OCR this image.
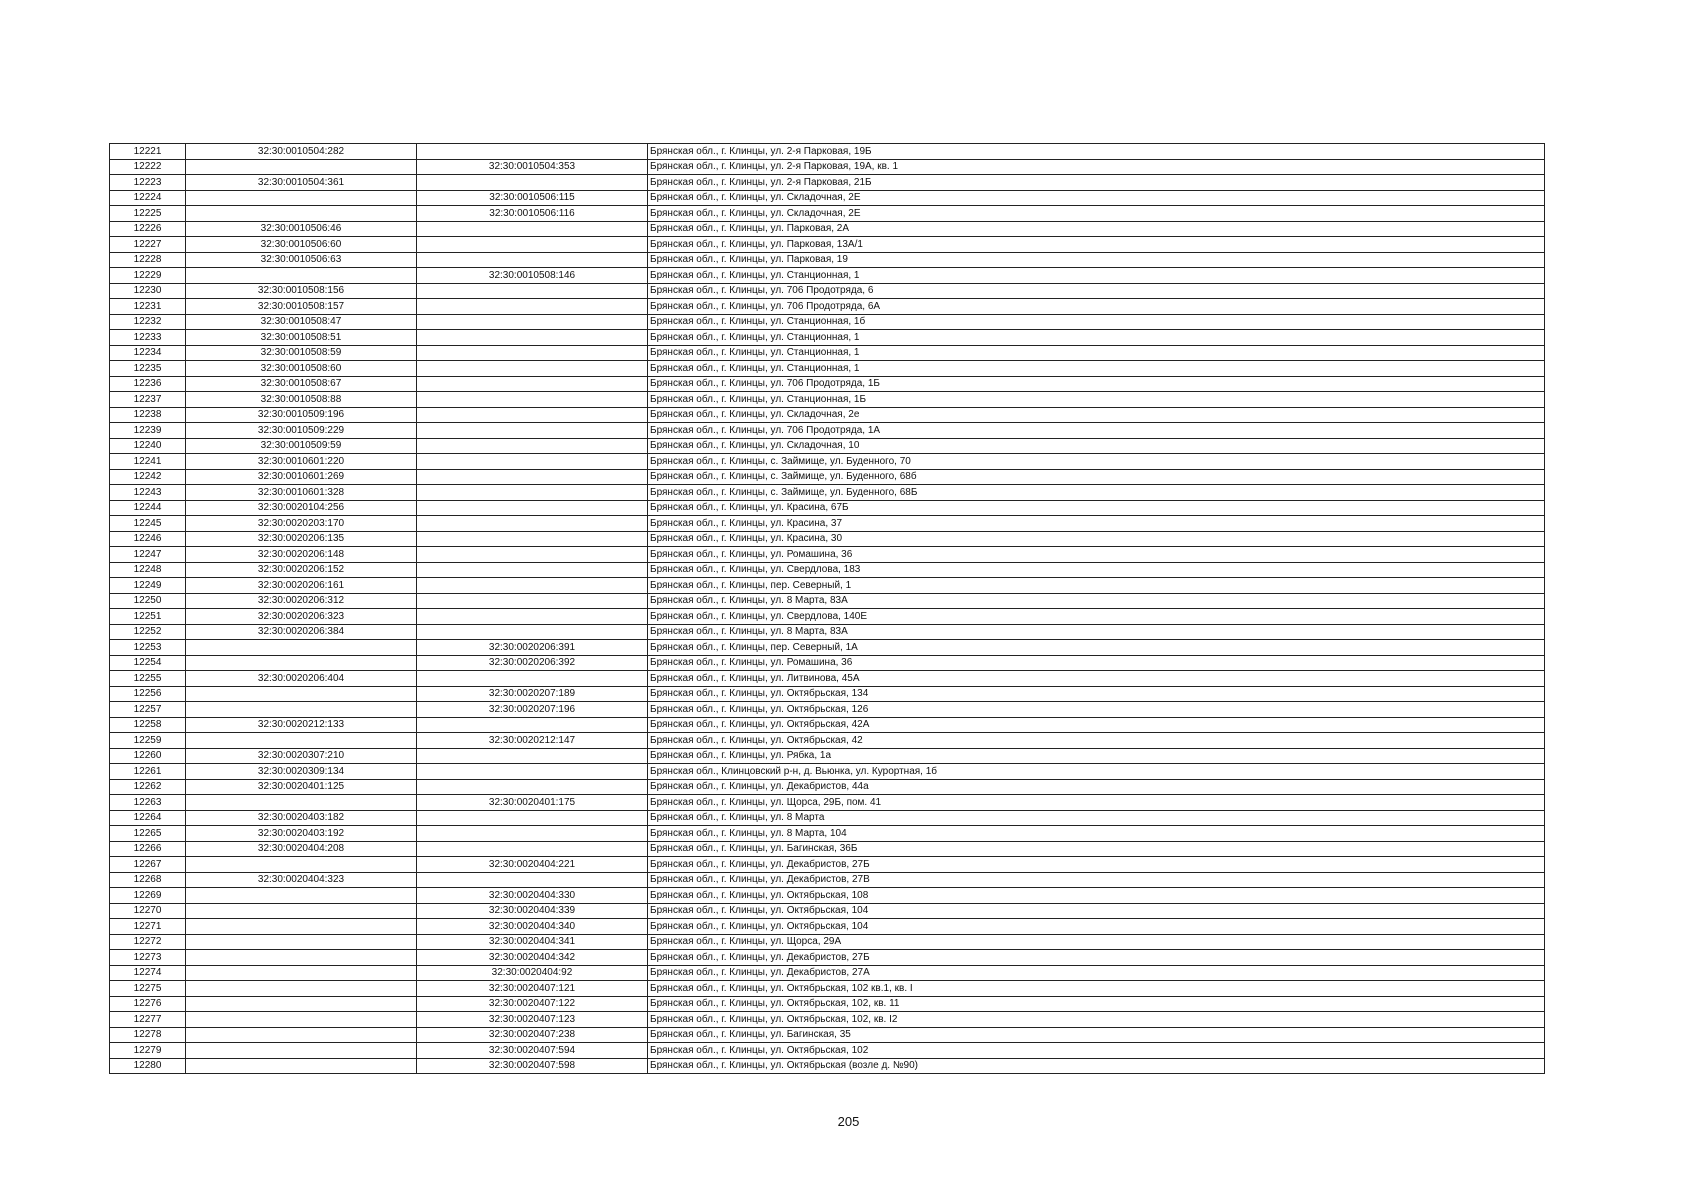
12221	32:30:0010504:282		Брянская обл., г. Клинцы, ул. 2-я Парковая, 19Б
12222		32:30:0010504:353	Брянская обл., г. Клинцы, ул. 2-я Парковая, 19А, кв. 1
12223	32:30:0010504:361		Брянская обл., г. Клинцы, ул. 2-я Парковая, 21Б
12224		32:30:0010506:115	Брянская обл., г. Клинцы, ул. Складочная, 2Е
12225		32:30:0010506:116	Брянская обл., г. Клинцы, ул. Складочная, 2Е
12226	32:30:0010506:46		Брянская обл., г. Клинцы, ул. Парковая, 2А
12227	32:30:0010506:60		Брянская обл., г. Клинцы, ул. Парковая, 13А/1
12228	32:30:0010506:63		Брянская обл., г. Клинцы, ул. Парковая, 19
12229		32:30:0010508:146	Брянская обл., г. Клинцы, ул. Станционная, 1
12230	32:30:0010508:156		Брянская обл., г. Клинцы, ул. 706 Продотряда, 6
12231	32:30:0010508:157		Брянская обл., г. Клинцы, ул. 706 Продотряда, 6А
12232	32:30:0010508:47		Брянская обл., г. Клинцы, ул. Станционная, 1б
12233	32:30:0010508:51		Брянская обл., г. Клинцы, ул. Станционная, 1
12234	32:30:0010508:59		Брянская обл., г. Клинцы, ул. Станционная, 1
12235	32:30:0010508:60		Брянская обл., г. Клинцы, ул. Станционная, 1
12236	32:30:0010508:67		Брянская обл., г. Клинцы, ул. 706 Продотряда, 1Б
12237	32:30:0010508:88		Брянская обл., г. Клинцы, ул. Станционная, 1Б
12238	32:30:0010509:196		Брянская обл., г. Клинцы, ул. Складочная, 2е
12239	32:30:0010509:229		Брянская обл., г. Клинцы, ул. 706 Продотряда, 1А
12240	32:30:0010509:59		Брянская обл., г. Клинцы, ул. Складочная, 10
12241	32:30:0010601:220		Брянская обл., г. Клинцы, с. Займище, ул. Буденного, 70
12242	32:30:0010601:269		Брянская обл., г. Клинцы, с. Займище, ул. Буденного, 68б
12243	32:30:0010601:328		Брянская обл., г. Клинцы, с. Займище, ул. Буденного, 68Б
12244	32:30:0020104:256		Брянская обл., г. Клинцы, ул. Красина, 67Б
12245	32:30:0020203:170		Брянская обл., г. Клинцы, ул. Красина, 37
12246	32:30:0020206:135		Брянская обл., г. Клинцы, ул. Красина, 30
12247	32:30:0020206:148		Брянская обл., г. Клинцы, ул. Ромашина, 36
12248	32:30:0020206:152		Брянская обл., г. Клинцы, ул. Свердлова, 183
12249	32:30:0020206:161		Брянская обл., г. Клинцы, пер. Северный, 1
12250	32:30:0020206:312		Брянская обл., г. Клинцы, ул. 8 Марта, 83А
12251	32:30:0020206:323		Брянская обл., г. Клинцы, ул. Свердлова, 140Е
12252	32:30:0020206:384		Брянская обл., г. Клинцы, ул. 8 Марта, 83А
12253		32:30:0020206:391	Брянская обл., г. Клинцы, пер. Северный, 1А
12254		32:30:0020206:392	Брянская обл., г. Клинцы, ул. Ромашина, 36
12255	32:30:0020206:404		Брянская обл., г. Клинцы, ул. Литвинова, 45А
12256		32:30:0020207:189	Брянская обл., г. Клинцы, ул. Октябрьская, 134
12257		32:30:0020207:196	Брянская обл., г. Клинцы, ул. Октябрьская, 126
12258	32:30:0020212:133		Брянская обл., г. Клинцы, ул. Октябрьская, 42А
12259		32:30:0020212:147	Брянская обл., г. Клинцы, ул. Октябрьская, 42
12260	32:30:0020307:210		Брянская обл., г. Клинцы, ул. Рябка, 1а
12261	32:30:0020309:134		Брянская обл., Клинцовский р-н, д. Вьюнка, ул. Курортная, 1б
12262	32:30:0020401:125		Брянская обл., г. Клинцы, ул. Декабристов, 44а
12263		32:30:0020401:175	Брянская обл., г. Клинцы, ул. Щорса, 29Б, пом. 41
12264	32:30:0020403:182		Брянская обл., г. Клинцы, ул. 8 Марта
12265	32:30:0020403:192		Брянская обл., г. Клинцы, ул. 8 Марта, 104
12266	32:30:0020404:208		Брянская обл., г. Клинцы, ул. Багинская, 36Б
12267		32:30:0020404:221	Брянская обл., г. Клинцы, ул. Декабристов, 27Б
12268	32:30:0020404:323		Брянская обл., г. Клинцы, ул. Декабристов, 27В
12269		32:30:0020404:330	Брянская обл., г. Клинцы, ул. Октябрьская, 108
12270		32:30:0020404:339	Брянская обл., г. Клинцы, ул. Октябрьская, 104
12271		32:30:0020404:340	Брянская обл., г. Клинцы, ул. Октябрьская, 104
12272		32:30:0020404:341	Брянская обл., г. Клинцы, ул. Щорса, 29А
12273		32:30:0020404:342	Брянская обл., г. Клинцы, ул. Декабристов, 27Б
12274		32:30:0020404:92	Брянская обл., г. Клинцы, ул. Декабристов, 27А
12275		32:30:0020407:121	Брянская обл., г. Клинцы, ул. Октябрьская, 102 кв.1, кв. I
12276		32:30:0020407:122	Брянская обл., г. Клинцы, ул. Октябрьская, 102, кв. 11
12277		32:30:0020407:123	Брянская обл., г. Клинцы, ул. Октябрьская, 102, кв. I2
12278		32:30:0020407:238	Брянская обл., г. Клинцы, ул. Багинская, 35
12279		32:30:0020407:594	Брянская обл., г. Клинцы, ул. Октябрьская, 102
12280		32:30:0020407:598	Брянская обл., г. Клинцы, ул. Октябрьская (возле д. №90)
205
